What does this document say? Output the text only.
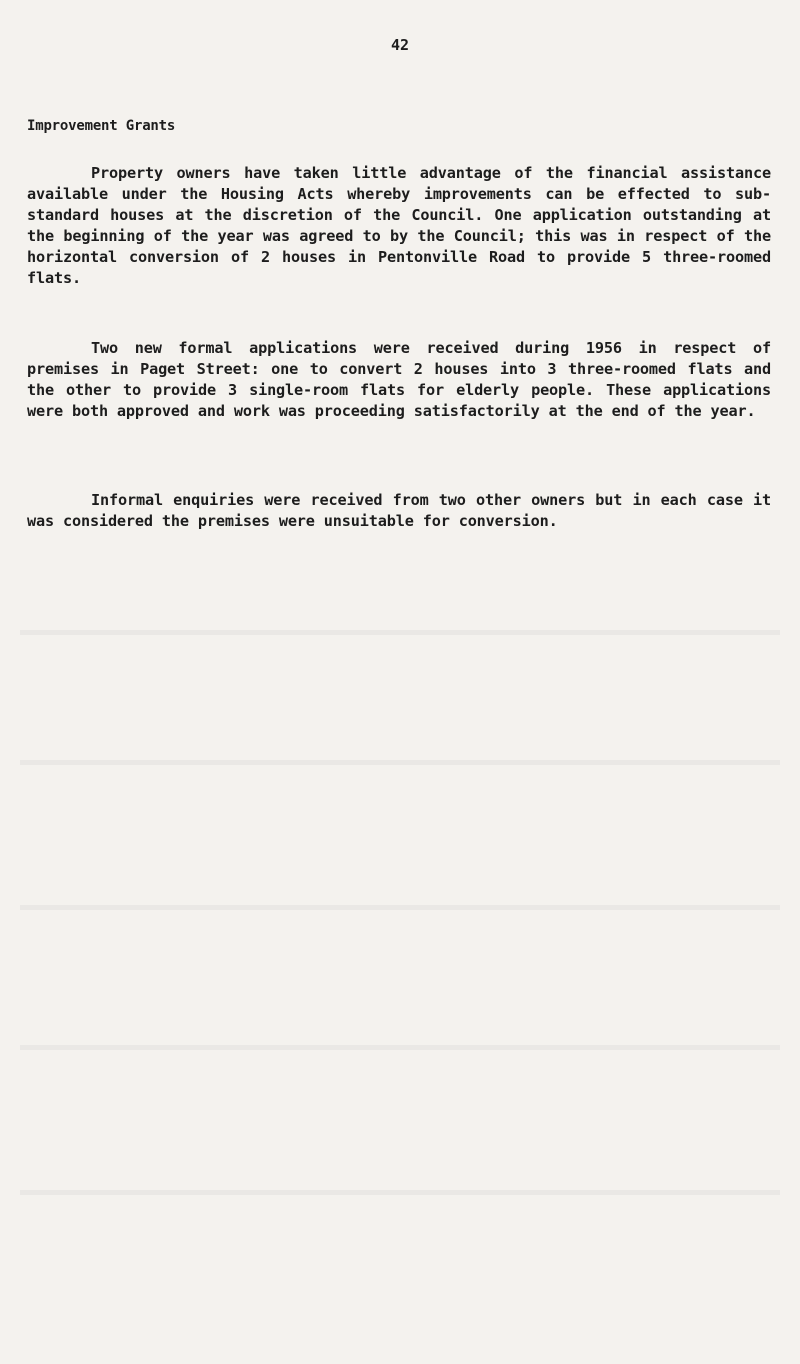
42
Improvement Grants

Property owners have taken little advantage of the financial assistance available under the Housing Acts whereby improvements can be effected to sub-standard houses at the discretion of the Council. One application outstanding at the beginning of the year was agreed to by the Council; this was in respect of the horizontal conversion of 2 houses in Pentonville Road to provide 5 three-roomed flats.

Two new formal applications were received during 1956 in respect of premises in Paget Street: one to convert 2 houses into 3 three-roomed flats and the other to provide 3 single-room flats for elderly people. These applications were both approved and work was proceeding satisfactorily at the end of the year.

Informal enquiries were received from two other owners but in each case it was considered the premises were unsuitable for conversion.
